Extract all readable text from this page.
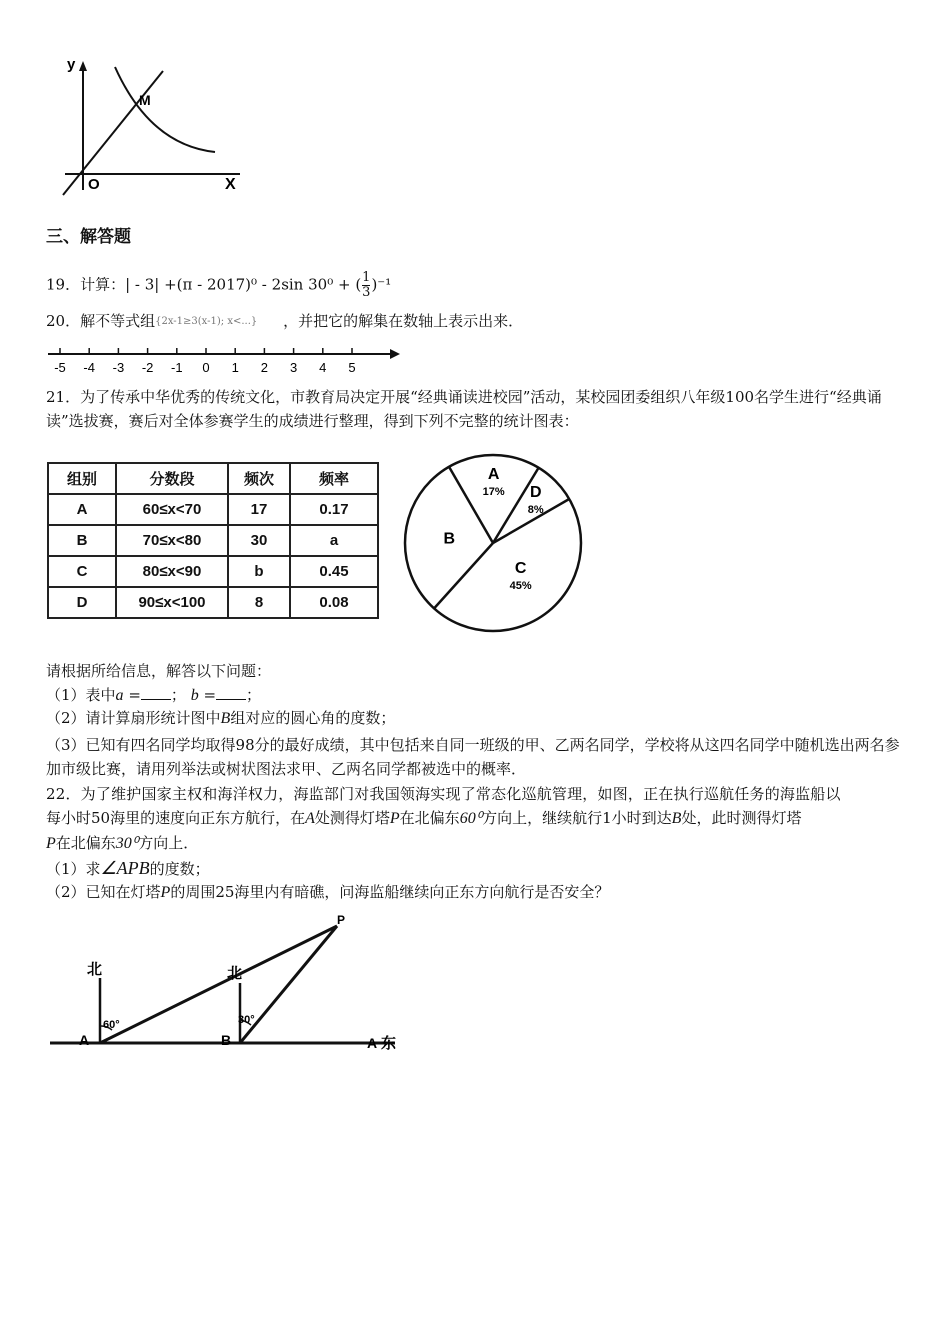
y
X
O
M
三、解答题
19．计算：| - 3| +(π - 2017)⁰ - 2sin 30⁰ + ( $\frac{1}{3} )^{-1}$
20．解不等式组{2x-1≥3(x-1); x<...} ，并把它的解集在数轴上表示出来．
-5 -4 -3 -2 -1 0 1 2 3 4 5
21．为了传承中华优秀的传统文化，市教育局决定开展“经典诵读进校园”活动，某校园团委组织八年级100名学生进行“经典诵读”选拔赛，赛后对全体参赛学生的成绩进行整理，得到下列不完整的统计图表：
组别	分数段	频次	频率
A	60≤x<70	17	0.17
B	70≤x<80	30	a
C	80≤x<90	b	0.45
D	90≤x<100	8	0.08
A
17% D
8%
C
45%
B
请根据所给信息，解答以下问题：
（1）表中a = ； b = ；
（2）请计算扇形统计图中B组对应的圆心角的度数；
（3）已知有四名同学均取得98分的最好成绩，其中包括来自同一班级的甲、乙两名同学，学校将从这四名同学中随机选出两名参加市级比赛，请用列举法或树状图法求甲、乙两名同学都被选中的概率．
22．为了维护国家主权和海洋权力，海监部门对我国领海实现了常态化巡航管理，如图，正在执行巡航任务的海监船以
每小时50海里的速度向正东方航行，在A处测得灯塔P在北偏东60⁰方向上，继续航行1小时到达B处，此时测得灯塔
P在北偏东30⁰方向上．
（1）求∠APB的度数；
（2）已知在灯塔P的周围25海里内有暗礁，问海监船继续向正东方向航行是否安全？
北	北
A	B
P
60°	30°
A 东
